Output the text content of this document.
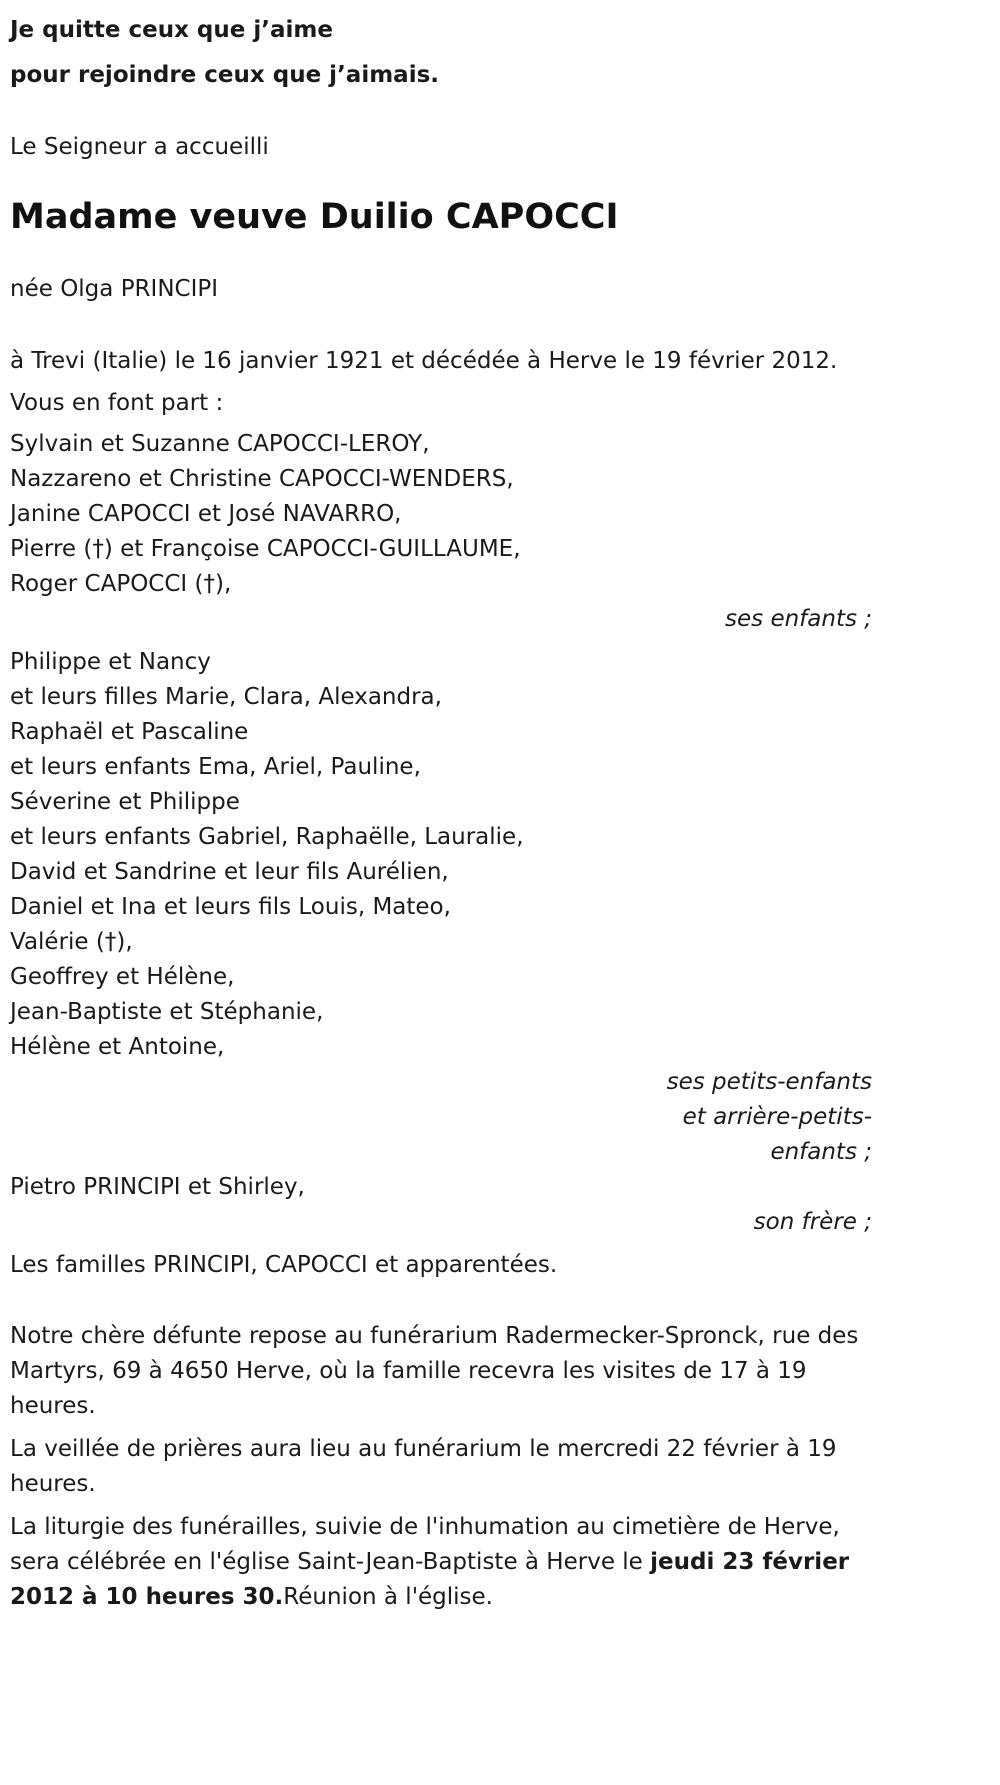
Je quitte ceux que j’aime

pour rejoindre ceux que j’aimais.

Le Seigneur a accueilli

Madame veuve Duilio CAPOCCI

née Olga PRINCIPI

à Trevi (Italie) le 16 janvier 1921 et décédée à Herve le 19 février 2012.

Vous en font part :

Sylvain et Suzanne CAPOCCI-LEROY,
Nazzareno et Christine CAPOCCI-WENDERS,
Janine CAPOCCI et José NAVARRO,
Pierre (†) et Françoise CAPOCCI-GUILLAUME,
Roger CAPOCCI (†),

ses enfants ;

Philippe et Nancy
et leurs filles Marie, Clara, Alexandra,
Raphaël et Pascaline
et leurs enfants Ema, Ariel, Pauline,
Séverine et Philippe
et leurs enfants Gabriel, Raphaëlle, Lauralie,
David et Sandrine et leur fils Aurélien,
Daniel et Ina et leurs fils Louis, Mateo,
Valérie (†),
Geoffrey et Hélène,
Jean-Baptiste et Stéphanie,
Hélène et Antoine,
ses petits-enfants
et arrière-petits-
enfants ;
Pietro PRINCIPI et Shirley,

son frère ;

Les familles PRINCIPI, CAPOCCI et apparentées.

Notre chère défunte repose au funérarium Radermecker-Spronck, rue des Martyrs, 69 à 4650 Herve, où la famille recevra les visites de 17 à 19 heures.

La veillée de prières aura lieu au funérarium le mercredi 22 février à 19 heures.

La liturgie des funérailles, suivie de l'inhumation au cimetière de Herve, sera célébrée en l'église Saint-Jean-Baptiste à Herve le jeudi 23 février 2012 à 10 heures 30.Réunion à l'église.
